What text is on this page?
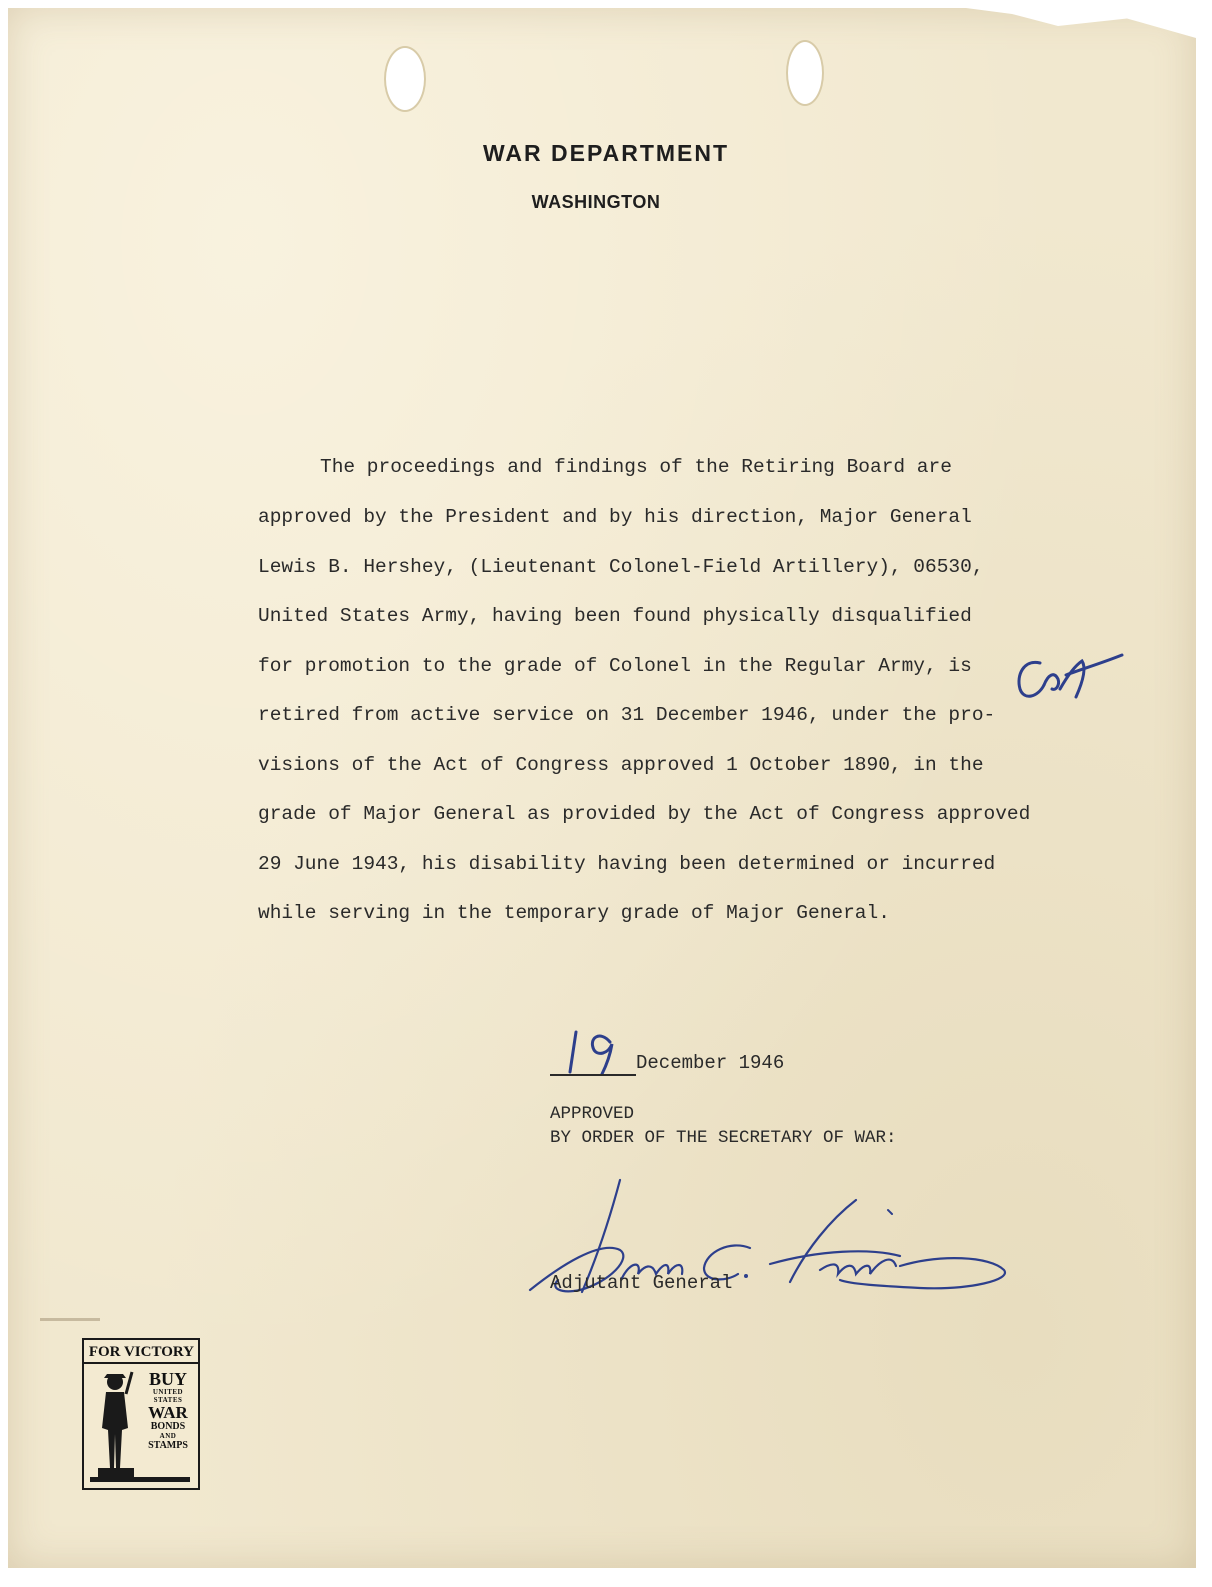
WAR DEPARTMENT
WASHINGTON
The proceedings and findings of the Retiring Board are
approved by the President and by his direction, Major General
Lewis B. Hershey, (Lieutenant Colonel-Field Artillery), 06530,
United States Army, having been found physically disqualified
for promotion to the grade of Colonel in the Regular Army, is
retired from active service on 31 December 1946, under the pro-
visions of the Act of Congress approved 1 October 1890, in the
grade of Major General as provided by the Act of Congress approved
29 June 1943, his disability having been determined or incurred
while serving in the temporary grade of Major General.
December 1946
APPROVED
BY ORDER OF THE SECRETARY OF WAR:
Adjutant General
FOR VICTORY
BUY
UNITED
STATES
WAR
BONDS
AND
STAMPS
